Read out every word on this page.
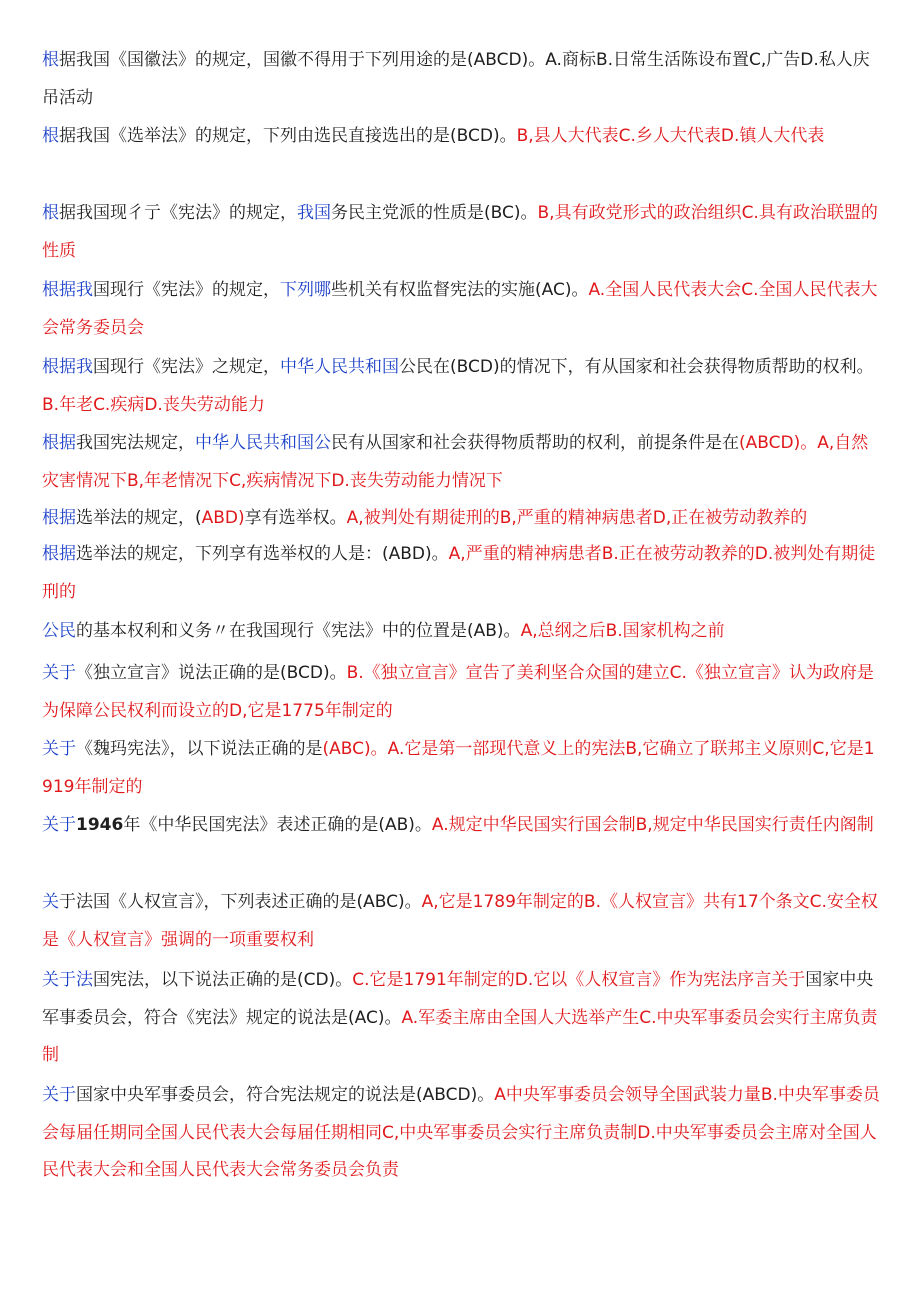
根据我国《国徽法》的规定，国徽不得用于下列用途的是(ABCD)。A.商标B.日常生活陈设布置C,广告D.私人庆吊活动

根据我国《选举法》的规定，下列由选民直接选出的是(BCD)。B,县人大代表C.乡人大代表D.镇人大代表

根据我国现彳亍《宪法》的规定，我国务民主党派的性质是(BC)。B,具有政党形式的政治组织C.具有政治联盟的性质

根据我国现行《宪法》的规定，下列哪些机关有权监督宪法的实施(AC)。A.全国人民代表大会C.全国人民代表大会常务委员会

根据我国现行《宪法》之规定，中华人民共和国公民在(BCD)的情况下，有从国家和社会获得物质帮助的权利。B.年老C.疾病D.丧失劳动能力

根据我国宪法规定，中华人民共和国公民有从国家和社会获得物质帮助的权利，前提条件是在(ABCD)。A,自然灾害情况下B,年老情况下C,疾病情况下D.丧失劳动能力情况下

根据选举法的规定，(ABD)享有选举权。A,被判处有期徒刑的B,严重的精神病患者D,正在被劳动教养的

根据选举法的规定，下列享有选举权的人是：(ABD)。A,严重的精神病患者B.正在被劳动教养的D.被判处有期徒刑的

公民的基本权利和义务〃在我国现行《宪法》中的位置是(AB)。A,总纲之后B.国家机构之前

关于《独立宣言》说法正确的是(BCD)。B.《独立宣言》宣告了美利坚合众国的建立C.《独立宣言》认为政府是为保障公民权利而设立的D,它是1775年制定的

关于《魏玛宪法》，以下说法正确的是(ABC)。A.它是第一部现代意义上的宪法B,它确立了联邦主义原则C,它是1919年制定的

关于1946年《中华民国宪法》表述正确的是(AB)。A.规定中华民国实行国会制B,规定中华民国实行责任内阁制

关于法国《人权宣言》，下列表述正确的是(ABC)。A,它是1789年制定的B.《人权宣言》共有17个条文C.安全权是《人权宣言》强调的一项重要权利

关于法国宪法，以下说法正确的是(CD)。C.它是1791年制定的D.它以《人权宣言》作为宪法序言关于国家中央军事委员会，符合《宪法》规定的说法是(AC)。A.军委主席由全国人大选举产生C.中央军事委员会实行主席负责制

关于国家中央军事委员会，符合宪法规定的说法是(ABCD)。A中央军事委员会领导全国武装力量B.中央军事委员会每届任期同全国人民代表大会每届任期相同C,中央军事委员会实行主席负责制D.中央军事委员会主席对全国人民代表大会和全国人民代表大会常务委员会负责
